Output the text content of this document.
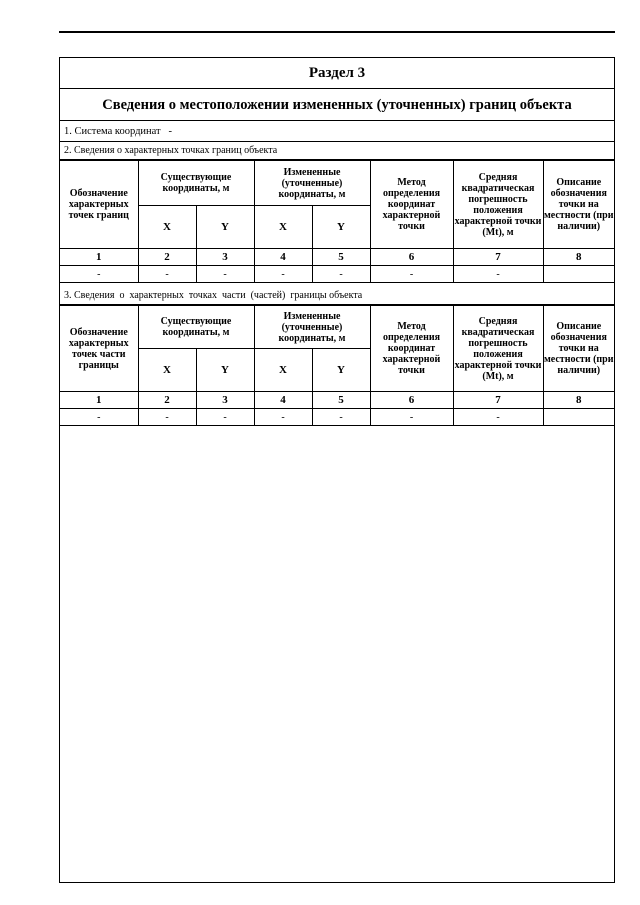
Раздел 3
Сведения о местоположении измененных (уточненных) границ объекта
1. Система координат -
2. Сведения о характерных точках границ объекта
Обозначение характерных точек границ	Существующие координаты, м		Измененные (уточненные) координаты, м		Метод определения координат характерной точки	Средняя квадратическая погрешность положения характерной точки (Mt), м	Описание обозначения точки на местности (при наличии)
	X	Y	X	Y			
1	2	3	4	5	6	7	8
-	-	-	-	-	-	-	
3. Сведения  о  характерных  точках  части  (частей)  границы объекта
Обозначение характерных точек части границы	Существующие координаты, м		Измененные (уточненные) координаты, м		Метод определения координат характерной точки	Средняя квадратическая погрешность положения характерной точки (Mt), м	Описание обозначения точки на местности (при наличии)
	X	Y	X	Y			
1	2	3	4	5	6	7	8
-	-	-	-	-	-	-	
